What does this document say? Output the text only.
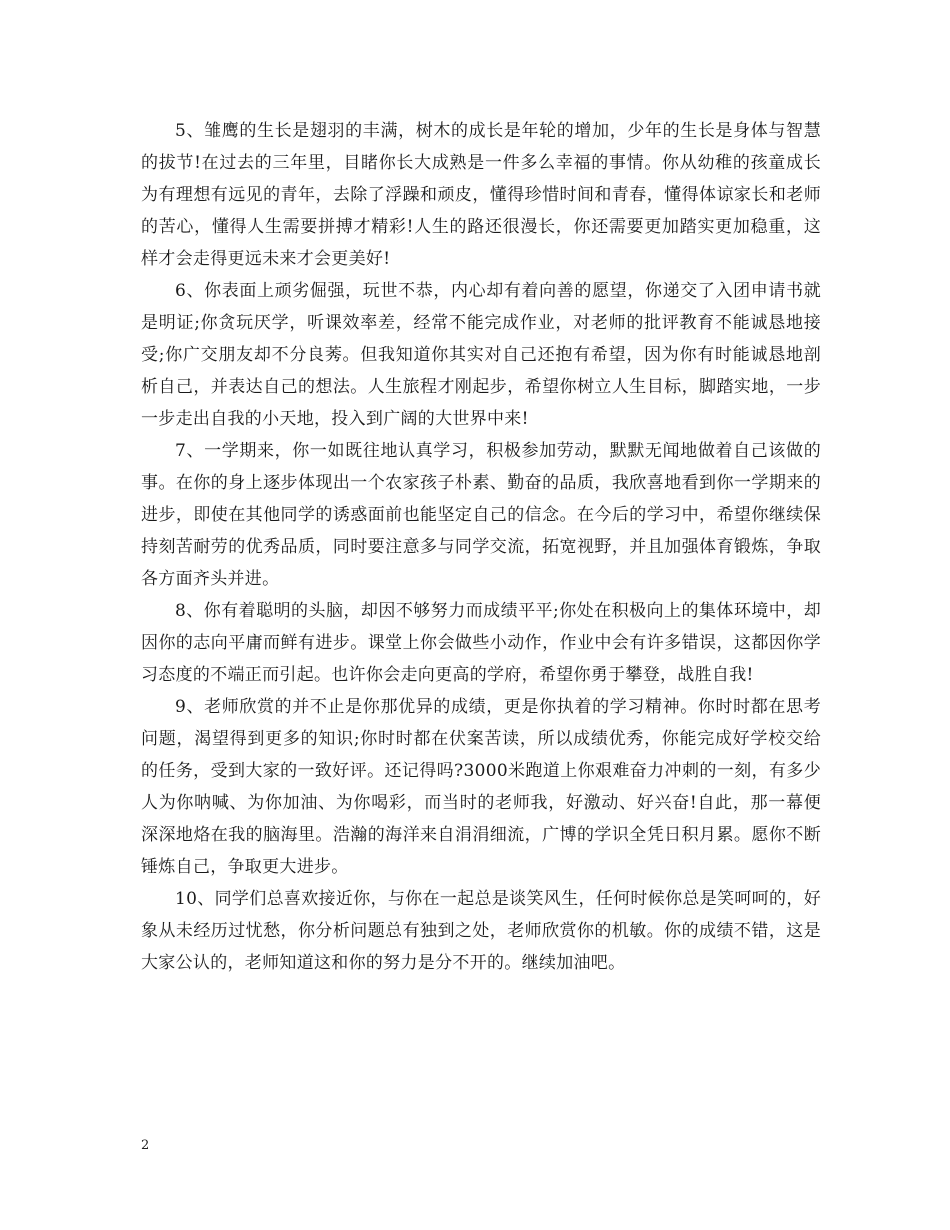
5、雏鹰的生长是翅羽的丰满，树木的成长是年轮的增加，少年的生长是身体与智慧的拔节!在过去的三年里，目睹你长大成熟是一件多么幸福的事情。你从幼稚的孩童成长为有理想有远见的青年，去除了浮躁和顽皮，懂得珍惜时间和青春，懂得体谅家长和老师的苦心，懂得人生需要拼搏才精彩!人生的路还很漫长，你还需要更加踏实更加稳重，这样才会走得更远未来才会更美好!

6、你表面上顽劣倔强，玩世不恭，内心却有着向善的愿望，你递交了入团申请书就是明证;你贪玩厌学，听课效率差，经常不能完成作业，对老师的批评教育不能诚恳地接受;你广交朋友却不分良莠。但我知道你其实对自己还抱有希望，因为你有时能诚恳地剖析自己，并表达自己的想法。人生旅程才刚起步，希望你树立人生目标，脚踏实地，一步一步走出自我的小天地，投入到广阔的大世界中来!

7、一学期来，你一如既往地认真学习，积极参加劳动，默默无闻地做着自己该做的事。在你的身上逐步体现出一个农家孩子朴素、勤奋的品质，我欣喜地看到你一学期来的进步，即使在其他同学的诱惑面前也能坚定自己的信念。在今后的学习中，希望你继续保持刻苦耐劳的优秀品质，同时要注意多与同学交流，拓宽视野，并且加强体育锻炼，争取各方面齐头并进。

8、你有着聪明的头脑，却因不够努力而成绩平平;你处在积极向上的集体环境中，却因你的志向平庸而鲜有进步。课堂上你会做些小动作，作业中会有许多错误，这都因你学习态度的不端正而引起。也许你会走向更高的学府，希望你勇于攀登，战胜自我!

9、老师欣赏的并不止是你那优异的成绩，更是你执着的学习精神。你时时都在思考问题，渴望得到更多的知识;你时时都在伏案苦读，所以成绩优秀，你能完成好学校交给的任务，受到大家的一致好评。还记得吗?3000米跑道上你艰难奋力冲刺的一刻，有多少人为你呐喊、为你加油、为你喝彩，而当时的老师我，好激动、好兴奋!自此，那一幕便深深地烙在我的脑海里。浩瀚的海洋来自涓涓细流，广博的学识全凭日积月累。愿你不断锤炼自己，争取更大进步。

10、同学们总喜欢接近你，与你在一起总是谈笑风生，任何时候你总是笑呵呵的，好象从未经历过忧愁，你分析问题总有独到之处，老师欣赏你的机敏。你的成绩不错，这是大家公认的，老师知道这和你的努力是分不开的。继续加油吧。

2
